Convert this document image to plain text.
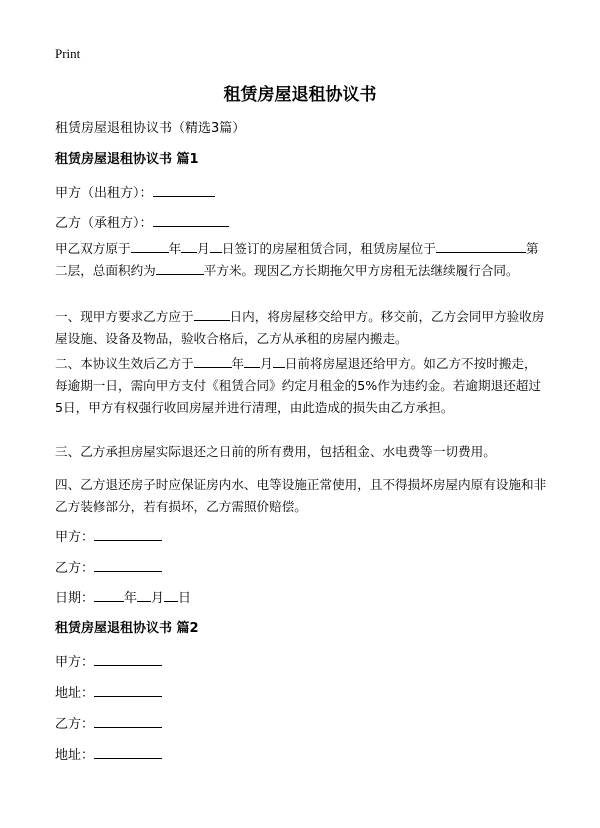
Print
租赁房屋退租协议书
租赁房屋退租协议书（精选3篇）
租赁房屋退租协议书 篇1
甲方（出租方）：
乙方（承租方）：
甲乙双方原于	年 月 日签订的房屋租赁合同，租赁房屋位于	第二层，总面积约为	平方米。现因乙方长期拖欠甲方房租无法继续履行合同。
一、现甲方要求乙方应于	日内，将房屋移交给甲方。移交前，乙方会同甲方验收房屋设施、设备及物品，验收合格后，乙方从承租的房屋内搬走。
二、本协议生效后乙方于	年 月 日前将房屋退还给甲方。如乙方不按时搬走，每逾期一日，需向甲方支付《租赁合同》约定月租金的5%作为违约金。若逾期退还超过5日，甲方有权强行收回房屋并进行清理，由此造成的损失由乙方承担。
三、乙方承担房屋实际退还之日前的所有费用，包括租金、水电费等一切费用。
四、乙方退还房子时应保证房内水、电等设施正常使用，且不得损坏房屋内原有设施和非乙方装修部分，若有损坏，乙方需照价赔偿。
甲方：
乙方：
日期： 年 月 日
租赁房屋退租协议书 篇2
甲方：
地址：
乙方：
地址：
